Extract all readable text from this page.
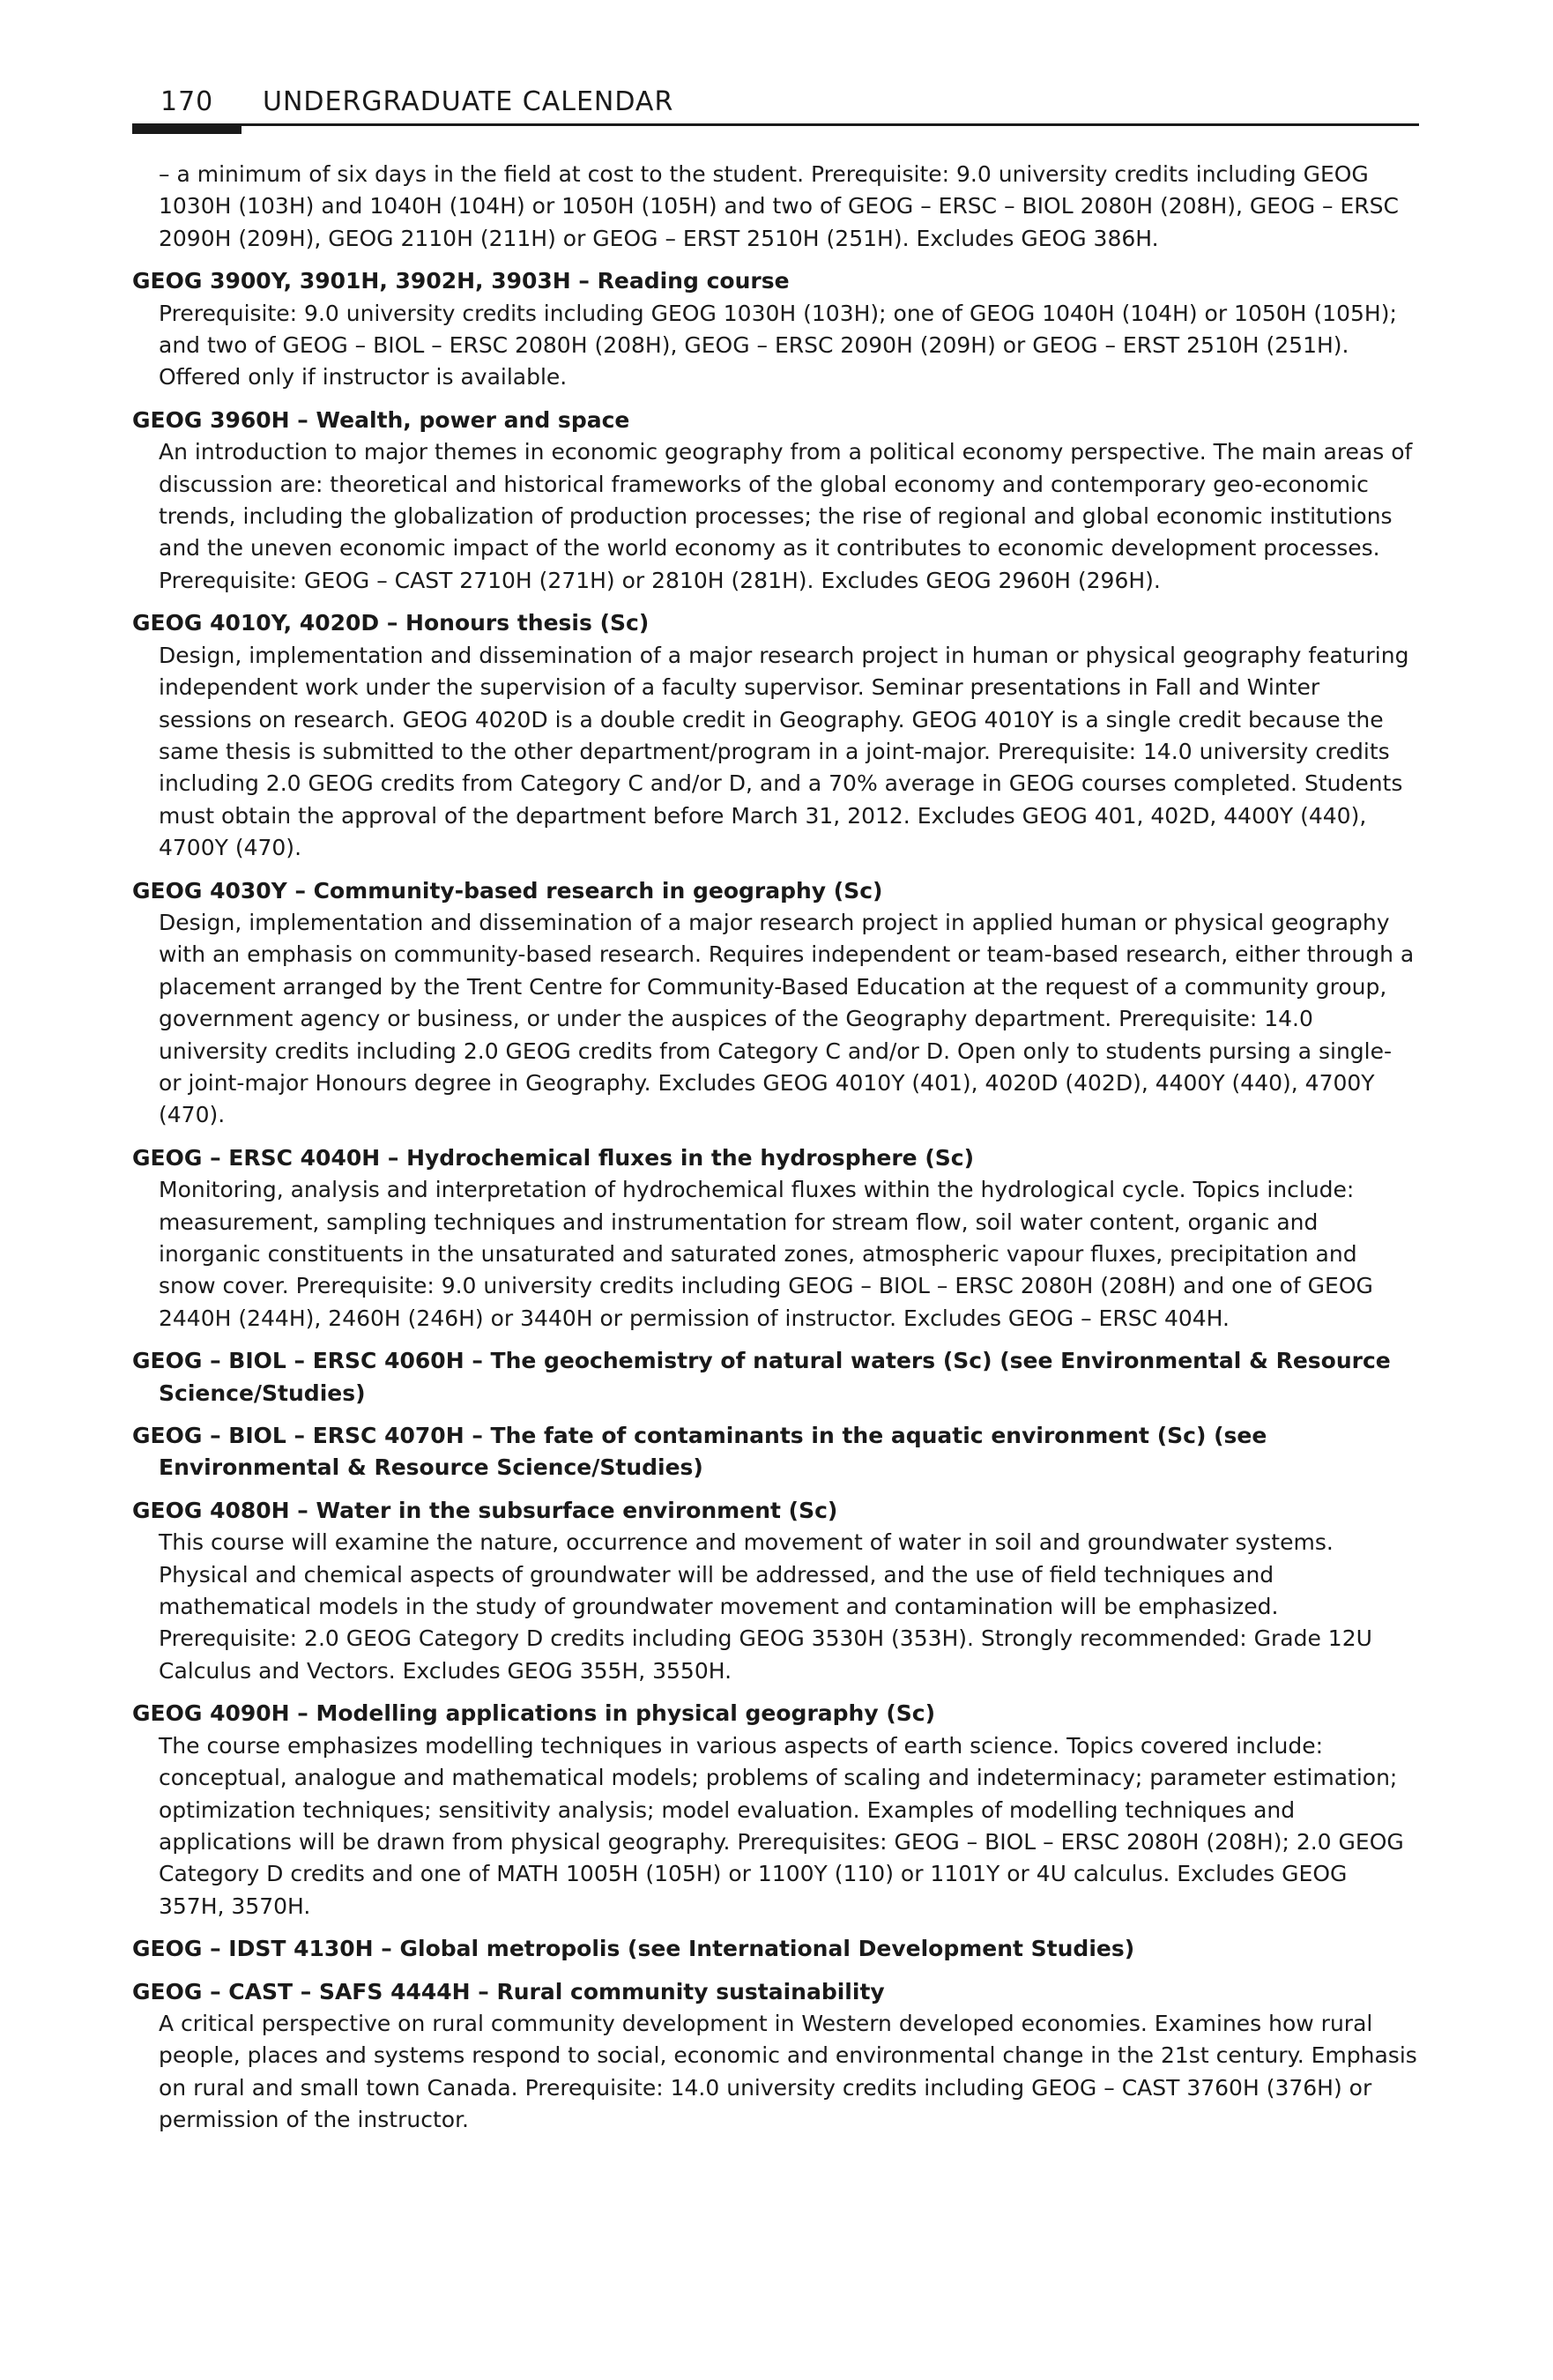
170 UNDERGRADUATE CALENDAR

– a minimum of six days in the field at cost to the student. Prerequisite: 9.0 university credits including GEOG 1030H (103H) and 1040H (104H) or 1050H (105H) and two of GEOG – ERSC – BIOL 2080H (208H), GEOG – ERSC 2090H (209H), GEOG 2110H (211H) or GEOG – ERST 2510H (251H). Excludes GEOG 386H.

GEOG 3900Y, 3901H, 3902H, 3903H – Reading course

Prerequisite: 9.0 university credits including GEOG 1030H (103H); one of GEOG 1040H (104H) or 1050H (105H); and two of GEOG – BIOL – ERSC 2080H (208H), GEOG – ERSC 2090H (209H) or GEOG – ERST 2510H (251H). Offered only if instructor is available.

GEOG 3960H – Wealth, power and space

An introduction to major themes in economic geography from a political economy perspective. The main areas of discussion are: theoretical and historical frameworks of the global economy and contemporary geo-economic trends, including the globalization of production processes; the rise of regional and global economic institutions and the uneven economic impact of the world economy as it contributes to economic development processes. Prerequisite: GEOG – CAST 2710H (271H) or 2810H (281H). Excludes GEOG 2960H (296H).

GEOG 4010Y, 4020D – Honours thesis (Sc)

Design, implementation and dissemination of a major research project in human or physical geography featuring independent work under the supervision of a faculty supervisor. Seminar presentations in Fall and Winter sessions on research. GEOG 4020D is a double credit in Geography. GEOG 4010Y is a single credit because the same thesis is submitted to the other department/program in a joint-major. Prerequisite: 14.0 university credits including 2.0 GEOG credits from Category C and/or D, and a 70% average in GEOG courses completed. Students must obtain the approval of the department before March 31, 2012. Excludes GEOG 401, 402D, 4400Y (440), 4700Y (470).

GEOG 4030Y – Community-based research in geography (Sc)

Design, implementation and dissemination of a major research project in applied human or physical geography with an emphasis on community-based research. Requires independent or team-based research, either through a placement arranged by the Trent Centre for Community-Based Education at the request of a community group, government agency or business, or under the auspices of the Geography department. Prerequisite: 14.0 university credits including 2.0 GEOG credits from Category C and/or D. Open only to students pursing a single- or joint-major Honours degree in Geography. Excludes GEOG 4010Y (401), 4020D (402D), 4400Y (440), 4700Y (470).

GEOG – ERSC 4040H – Hydrochemical fluxes in the hydrosphere (Sc)

Monitoring, analysis and interpretation of hydrochemical fluxes within the hydrological cycle. Topics include: measurement, sampling techniques and instrumentation for stream flow, soil water content, organic and inorganic constituents in the unsaturated and saturated zones, atmospheric vapour fluxes, precipitation and snow cover. Prerequisite: 9.0 university credits including GEOG – BIOL – ERSC 2080H (208H) and one of GEOG 2440H (244H), 2460H (246H) or 3440H or permission of instructor. Excludes GEOG – ERSC 404H.

GEOG – BIOL – ERSC 4060H – The geochemistry of natural waters (Sc) (see Environmental & Resource Science/Studies)

GEOG – BIOL – ERSC 4070H – The fate of contaminants in the aquatic environment (Sc) (see Environmental & Resource Science/Studies)

GEOG 4080H – Water in the subsurface environment (Sc)

This course will examine the nature, occurrence and movement of water in soil and groundwater systems. Physical and chemical aspects of groundwater will be addressed, and the use of field techniques and mathematical models in the study of groundwater movement and contamination will be emphasized. Prerequisite: 2.0 GEOG Category D credits including GEOG 3530H (353H). Strongly recommended: Grade 12U Calculus and Vectors. Excludes GEOG 355H, 3550H.

GEOG 4090H – Modelling applications in physical geography (Sc)

The course emphasizes modelling techniques in various aspects of earth science. Topics covered include: conceptual, analogue and mathematical models; problems of scaling and indeterminacy; parameter estimation; optimization techniques; sensitivity analysis; model evaluation. Examples of modelling techniques and applications will be drawn from physical geography. Prerequisites: GEOG – BIOL – ERSC 2080H (208H); 2.0 GEOG Category D credits and one of MATH 1005H (105H) or 1100Y (110) or 1101Y or 4U calculus. Excludes GEOG 357H, 3570H.

GEOG – IDST 4130H – Global metropolis (see International Development Studies)

GEOG – CAST – SAFS 4444H – Rural community sustainability

A critical perspective on rural community development in Western developed economies. Examines how rural people, places and systems respond to social, economic and environmental change in the 21st century. Emphasis on rural and small town Canada. Prerequisite: 14.0 university credits including GEOG – CAST 3760H (376H) or permission of the instructor.
